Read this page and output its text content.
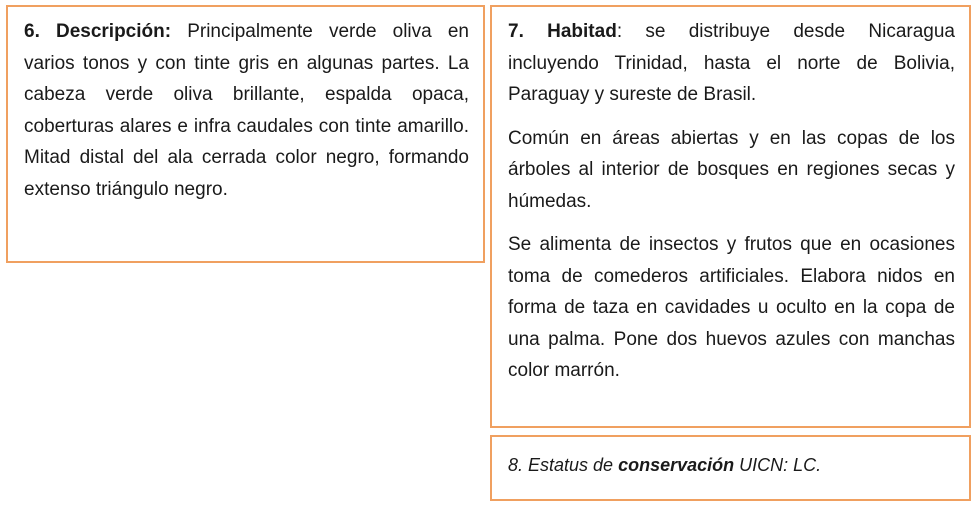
6. Descripción: Principalmente verde oliva en varios tonos y con tinte gris en algunas partes. La cabeza verde oliva brillante, espalda opaca, coberturas alares e infra caudales con tinte amarillo. Mitad distal del ala cerrada color negro, formando extenso triángulo negro.

7. Habitad: se distribuye desde Nicaragua incluyendo Trinidad, hasta el norte de Bolivia, Paraguay y sureste de Brasil.

Común en áreas abiertas y en las copas de los árboles al interior de bosques en regiones secas y húmedas.

Se alimenta de insectos y frutos que en ocasiones toma de comederos artificiales. Elabora nidos en forma de taza en cavidades u oculto en la copa de una palma. Pone dos huevos azules con manchas color marrón.

8. Estatus de conservación UICN: LC.
